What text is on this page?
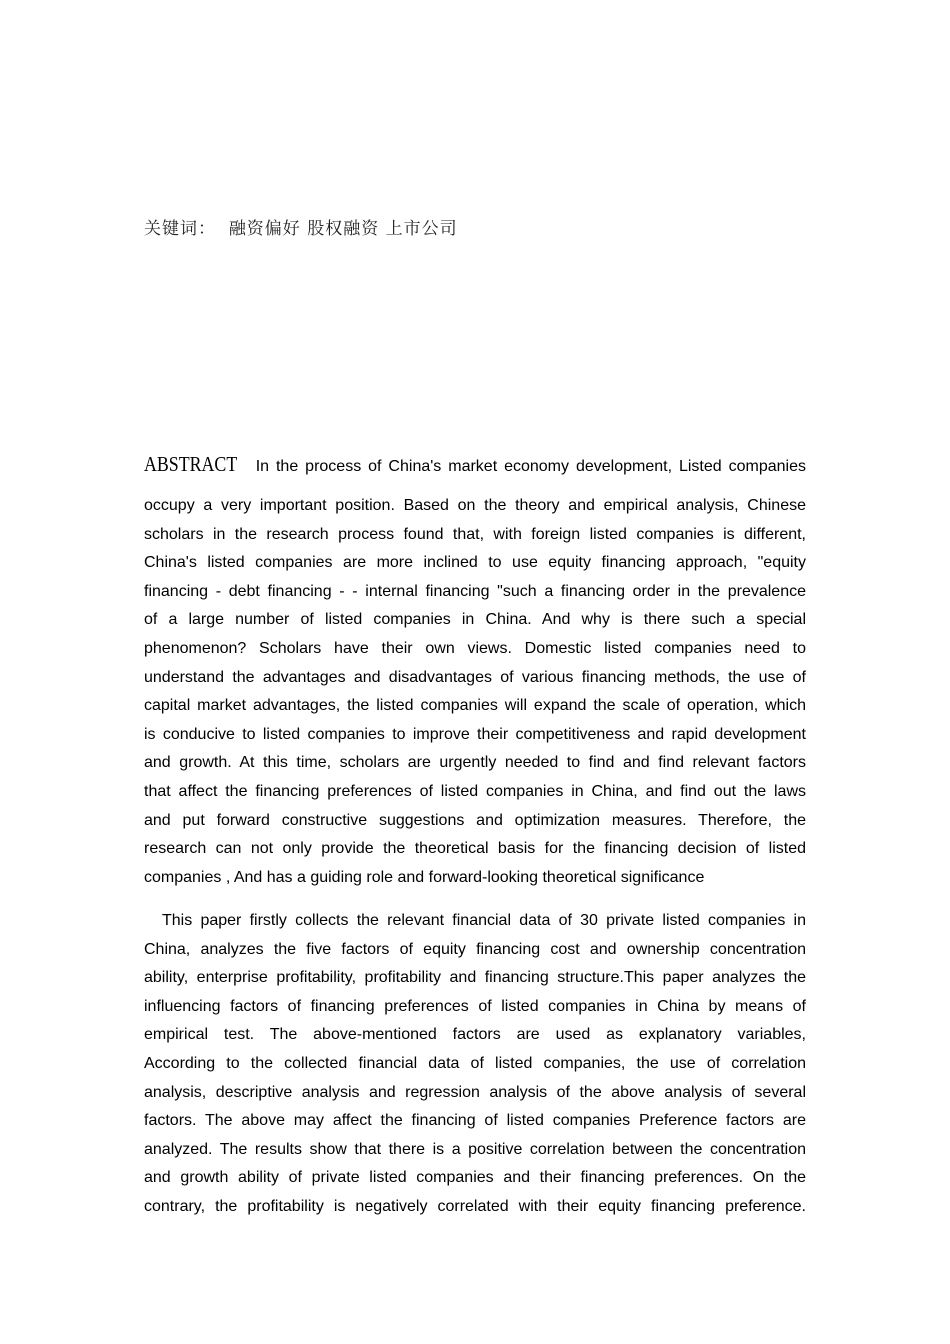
关键词： 融资偏好 股权融资 上市公司
ABSTRACT In the process of China's market economy development, Listed companies
occupy a very important position. Based on the theory and empirical analysis, Chinese
scholars in the research process found that, with foreign listed companies is different,
China's listed companies are more inclined to use equity financing approach, "equity
financing - debt financing - - internal financing "such a financing order in the prevalence
of a large number of listed companies in China. And why is there such a special
phenomenon? Scholars have their own views. Domestic listed companies need to
understand the advantages and disadvantages of various financing methods, the use of
capital market advantages, the listed companies will expand the scale of operation, which
is conducive to listed companies to improve their competitiveness and rapid development
and growth. At this time, scholars are urgently needed to find and find relevant factors
that affect the financing preferences of listed companies in China, and find out the laws
and put forward constructive suggestions and optimization measures. Therefore, the
research can not only provide the theoretical basis for the financing decision of listed
companies , And has a guiding role and forward-looking theoretical significance
This paper firstly collects the relevant financial data of 30 private listed companies in
China, analyzes the five factors of equity financing cost and ownership concentration
ability, enterprise profitability, profitability and financing structure.This paper analyzes the
influencing factors of financing preferences of listed companies in China by means of
empirical test. The above-mentioned factors are used as explanatory variables,
According to the collected financial data of listed companies, the use of correlation
analysis, descriptive analysis and regression analysis of the above analysis of several
factors. The above may affect the financing of listed companies Preference factors are
analyzed. The results show that there is a positive correlation between the concentration
and growth ability of private listed companies and their financing preferences. On the
contrary, the profitability is negatively correlated with their equity financing preference.
